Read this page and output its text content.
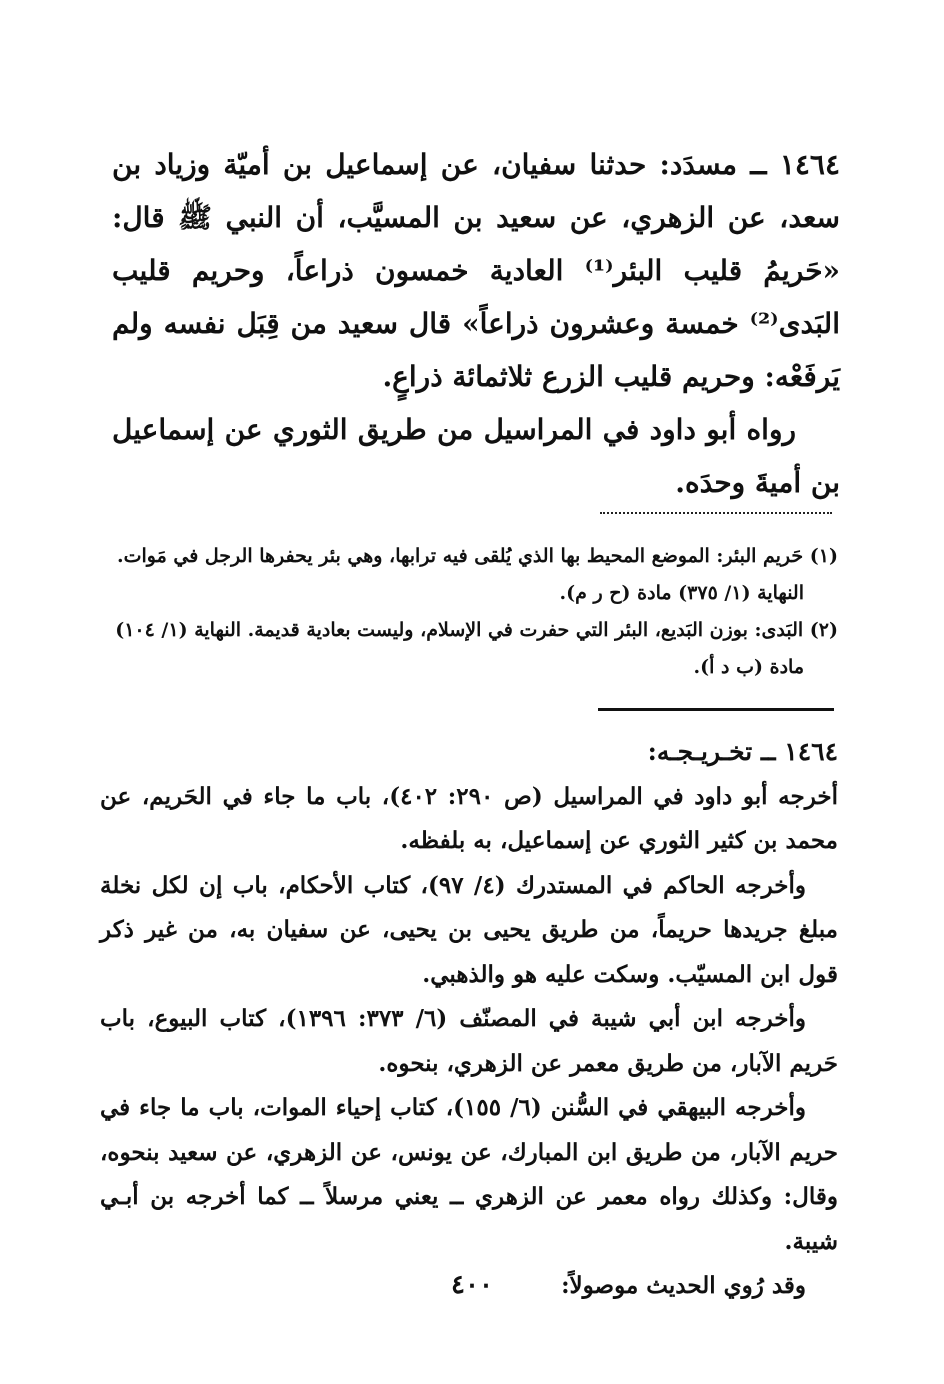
١٤٦٤ ــ مسدَد: حدثنا سفيان، عن إسماعيل بن أميّة وزياد بن سعد، عن الزهري، عن سعيد بن المسيَّب، أن النبي ﷺ قال: «حَريمُ قليب البئر⁽¹⁾ العادية خمسون ذراعاً، وحريم قليب البَدى⁽²⁾ خمسة وعشرون ذراعاً» قال سعيد من قِبَل نفسه ولم يَرفَعْه: وحريم قليب الزرع ثلاثمائة ذراعٍ.

رواه أبو داود في المراسيل من طريق الثوري عن إسماعيل بن أميةَ وحدَه.

(١) حَريم البئر: الموضع المحيط بها الذي يُلقى فيه ترابها، وهي بئر يحفرها الرجل في مَوات.

النهاية (١/ ٣٧٥) مادة (ح ر م).

(٢) البَدى: بوزن البَديع، البئر التي حفرت في الإسلام، وليست بعادية قديمة. النهاية (١/ ١٠٤)

مادة (ب د أ).

١٤٦٤ ــ تخـريـجـه:

أخرجه أبو داود في المراسيل (ص ٢٩٠: ٤٠٢)، باب ما جاء في الحَريم، عن محمد بن كثير الثوري عن إسماعيل، به بلفظه.

وأخرجه الحاكم في المستدرك (٤/ ٩٧)، كتاب الأحكام، باب إن لكل نخلة مبلغ جريدها حريماً، من طريق يحيى بن يحيى، عن سفيان به، من غير ذكر قول ابن المسيّب. وسكت عليه هو والذهبي.

وأخرجه ابن أبي شيبة في المصنّف (٦/ ٣٧٣: ١٣٩٦)، كتاب البيوع، باب حَريم الآبار، من طريق معمر عن الزهري، بنحوه.

وأخرجه البيهقي في السُّنن (٦/ ١٥٥)، كتاب إحياء الموات، باب ما جاء في حريم الآبار، من طريق ابن المبارك، عن يونس، عن الزهري، عن سعيد بنحوه، وقال: وكذلك رواه معمر عن الزهري ــ يعني مرسلاً ــ كما أخرجه بن أبـي شيبة.

وقد رُوي الحديث موصولاً:

٤٠٠
